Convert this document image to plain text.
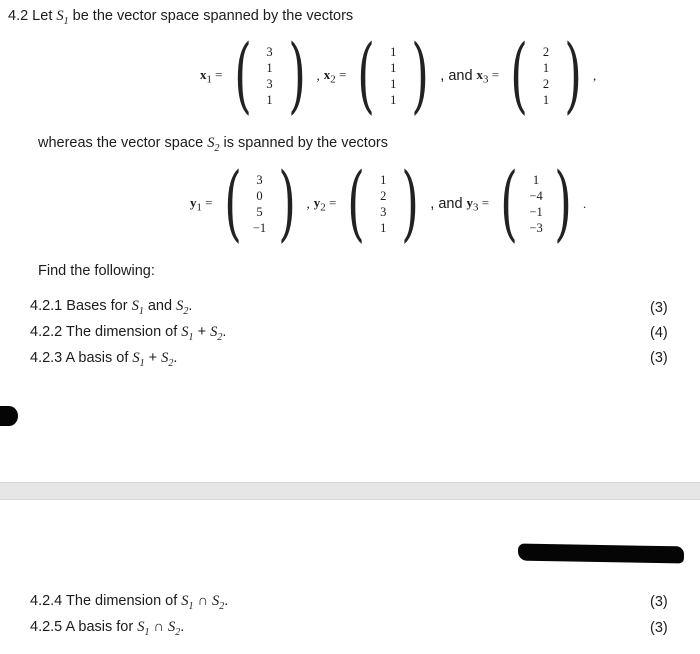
4.2 Let $S_1$ be the vector space spanned by the vectors
$x_1$ = ( 3
1
3
1 ) , $x_2$ = ( 1
1
1
1 ) , and $x_3$ = ( 2
1
2
1 ) ,
whereas the vector space $S_2$ is spanned by the vectors
$y_1$ = ( 3
0
5
−1 ) , $y_2$ = ( 1
2
3
1 ) , and $y_3$ = ( 1
−4
−1
−3 ) .
Find the following:
4.2.1 Bases for $S_1$ and $S_2$.	(3)
4.2.2 The dimension of $S_1 + S_2$.	(4)
4.2.3 A basis of $S_1 + S_2$.	(3)
4.2.4 The dimension of $S_1$ ∩ $S_2$.	(3)
4.2.5 A basis for $S_1$ ∩ $S_2$.	(3)
